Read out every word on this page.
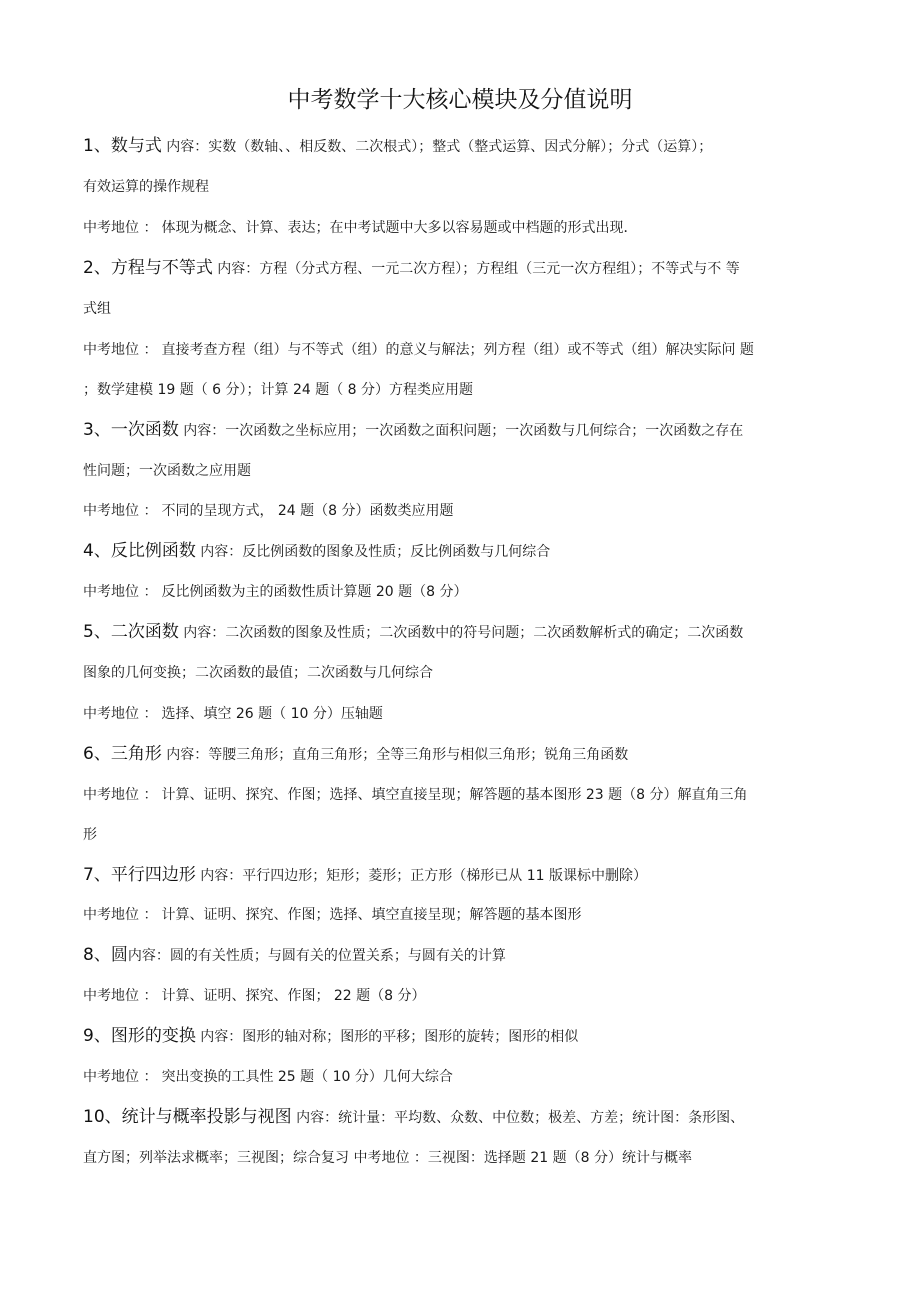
中考数学十大核心模块及分值说明
1、数与式 内容：实数（数轴、、相反数、二次根式）；整式（整式运算、因式分解）；分式（运算）；
有效运算的操作规程
中考地位 ： 体现为概念、计算、表达；在中考试题中大多以容易题或中档题的形式出现．
2、方程与不等式 内容：方程（分式方程、一元二次方程）；方程组（三元一次方程组）；不等式与不 等
式组
中考地位 ： 直接考查方程（组）与不等式（组）的意义与解法；列方程（组）或不等式（组）解决实际问 题
；数学建模 19 题（ 6 分）；计算 24 题（ 8 分）方程类应用题
3、一次函数 内容：一次函数之坐标应用；一次函数之面积问题；一次函数与几何综合；一次函数之存在
性问题；一次函数之应用题
中考地位 ： 不同的呈现方式， 24 题（8 分）函数类应用题
4、反比例函数 内容：反比例函数的图象及性质；反比例函数与几何综合
中考地位 ： 反比例函数为主的函数性质计算题 20 题（8 分）
5、二次函数 内容：二次函数的图象及性质；二次函数中的符号问题；二次函数解析式的确定；二次函数
图象的几何变换；二次函数的最值；二次函数与几何综合
中考地位 ： 选择、填空 26 题（ 10 分）压轴题
6、三角形 内容：等腰三角形；直角三角形；全等三角形与相似三角形；锐角三角函数
中考地位 ： 计算、证明、探究、作图；选择、填空直接呈现；解答题的基本图形 23 题（8 分）解直角三角
形
7、平行四边形 内容：平行四边形；矩形；菱形；正方形（梯形已从 11 版课标中删除）
中考地位 ： 计算、证明、探究、作图；选择、填空直接呈现；解答题的基本图形
8、圆内容：圆的有关性质；与圆有关的位置关系；与圆有关的计算
中考地位 ： 计算、证明、探究、作图； 22 题（8 分）
9、图形的变换 内容：图形的轴对称；图形的平移；图形的旋转；图形的相似
中考地位 ： 突出变换的工具性 25 题（ 10 分）几何大综合
10、统计与概率投影与视图 内容：统计量：平均数、众数、中位数；极差、方差；统计图：条形图、
直方图；列举法求概率；三视图；综合复习 中考地位 ：三视图：选择题 21 题（8 分）统计与概率
